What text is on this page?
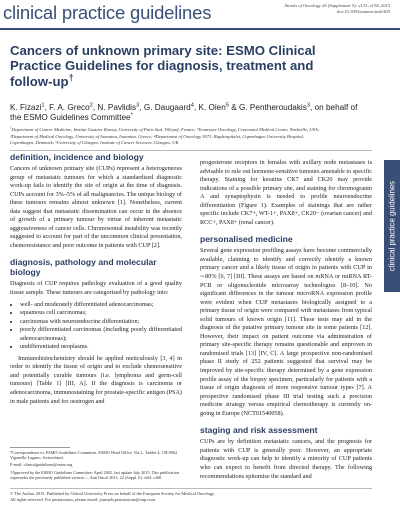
clinical practice guidelines	Annals of Oncology 26 (Supplement 5): v133–v138, 2015
doi:10.1093/annonc/mdv305
Cancers of unknown primary site: ESMO Clinical Practice Guidelines for diagnosis, treatment and follow-up†
K. Fizazi$^1$, F. A. Greco$^2$, N. Pavlidis$^3$, G. Daugaard$^4$, K. Oien$^5$ & G. Pentheroudakis$^3$, on behalf of the ESMO Guidelines Committee*
$^1$Department of Cancer Medicine, Institut Gustave Roussy, University of Paris Sud, Villejuif, France; ²Tennessee Oncology, Centennial Medical Center, Nashville, USA;
³Department of Medical Oncology, University of Ioannina, Ioannina, Greece; ⁴Department of Oncology 5073, Rigshospitalet, Copenhagen University Hospital,
Copenhagen, Denmark; ⁵University of Glasgow, Institute of Cancer Sciences, Glasgow, UK
definition, incidence and biology

Cancers of unknown primary site (CUPs) represent a heterogeneous group of metastatic tumours for which a standardised diagnostic work-up fails to identify the site of origin at the time of diagnosis. CUPs account for 3%–5% of all malignancies. The unique biology of these tumours remains almost unknown [1]. Nonetheless, current data suggest that metastatic dissemination can occur in the absence of growth of a primary tumour by virtue of inherent metastatic aggressiveness of cancer cells. Chromosomal instability was recently suggested to account for part of the uncommon clinical presentation, chemoresistance and poor outcome in patients with CUP [2].

diagnosis, pathology and molecular biology

Diagnosis of CUP requires pathology evaluation of a good quality tissue sample. These tumours are categorised by pathology into:

• well- and moderately differentiated adenocarcinomas;
• squamous cell carcinomas;
• carcinomas with neuroendocrine differentiation;
• poorly differentiated carcinomas (including poorly differentiated adenocarcinomas);
• undifferentiated neoplasms.

Immunohistochemistry should be applied meticulously [3, 4] in order to identify the tissue of origin and to exclude chemosensitive and potentially curable tumours (i.e. lymphoma and germ-cell tumours) [Table 1] [III, A]. If the diagnosis is carcinoma or adenocarcinoma, immunostaining for prostate-specific antigen (PSA) in male patients and for oestrogen and

*Correspondence to: ESMO Guidelines Committee, ESMO Head Office, Via L. Taddei 4, CH-6962 Viganello-Lugano, Switzerland.

E-mail: clinicalguidelines@esmo.org

†Approved by the ESMO Guidelines Committee: April 2002, last update July 2015. This publication supersedes the previously published version — Ann Oncol 2011; 22 (Suppl. 6): vi64–vi68.

progesterone receptors in females with axillary node metastases is advisable to rule out hormone-sensitive tumours amenable to specific therapy. Staining for keratins CK7 and CK20 may provide indications of a possible primary site, and staining for chromogranin A and synaptophysin is needed to profile neuroendocrine differentiation (Figure 1). Examples of stainings that are rather specific include CK7+, WT-1+, PAX8+, CK20− (ovarian cancer) and RCC+, PAX8+ (renal cancer).

personalised medicine

Several gene expression profiling assays have become commercially available, claiming to identify and correctly identify a known primary cancer and a likely tissue of origin in patients with CUP in ∼80% [6, 7] [III]. These assays are based on mRNA or miRNA RT-PCR or oligonucleotide microarray technologies [8–10]. No significant differences in the tumour microRNA expression profile were evident when CUP metastases biologically assigned to a primary tissue of origin were compared with metastases from typical solid tumours of known origin [11]. These tests may aid in the diagnosis of the putative primary tumour site in some patients [12]. However, their impact on patient outcome via administration of primary site-specific therapy remains questionable and unproven in randomised trials [13] [IV, C]. A large prospective non-randomised phase II study of 252 patients suggested that survival may be improved by site-specific therapy determined by a gene expression profile assay of the biopsy specimen, particularly for patients with a tissue of origin diagnosis of more responsive tumour types [7]. A prospective randomised phase III trial testing such a precision medicine strategy versus empirical chemotherapy is currently on-going in Europe (NCT01540058).

staging and risk assessment

CUPs are by definition metastatic cancers, and the prognosis for patients with CUP is generally poor. However, an appropriate diagnostic work-up can help to identify a minority of CUP patients who can expect to benefit from directed therapy. The following recommendations epitomise the standard and

clinical practice guidelines
© The Author 2015. Published by Oxford University Press on behalf of the European Society for Medical Oncology.
All rights reserved. For permissions, please email: journals.permissions@oup.com.
